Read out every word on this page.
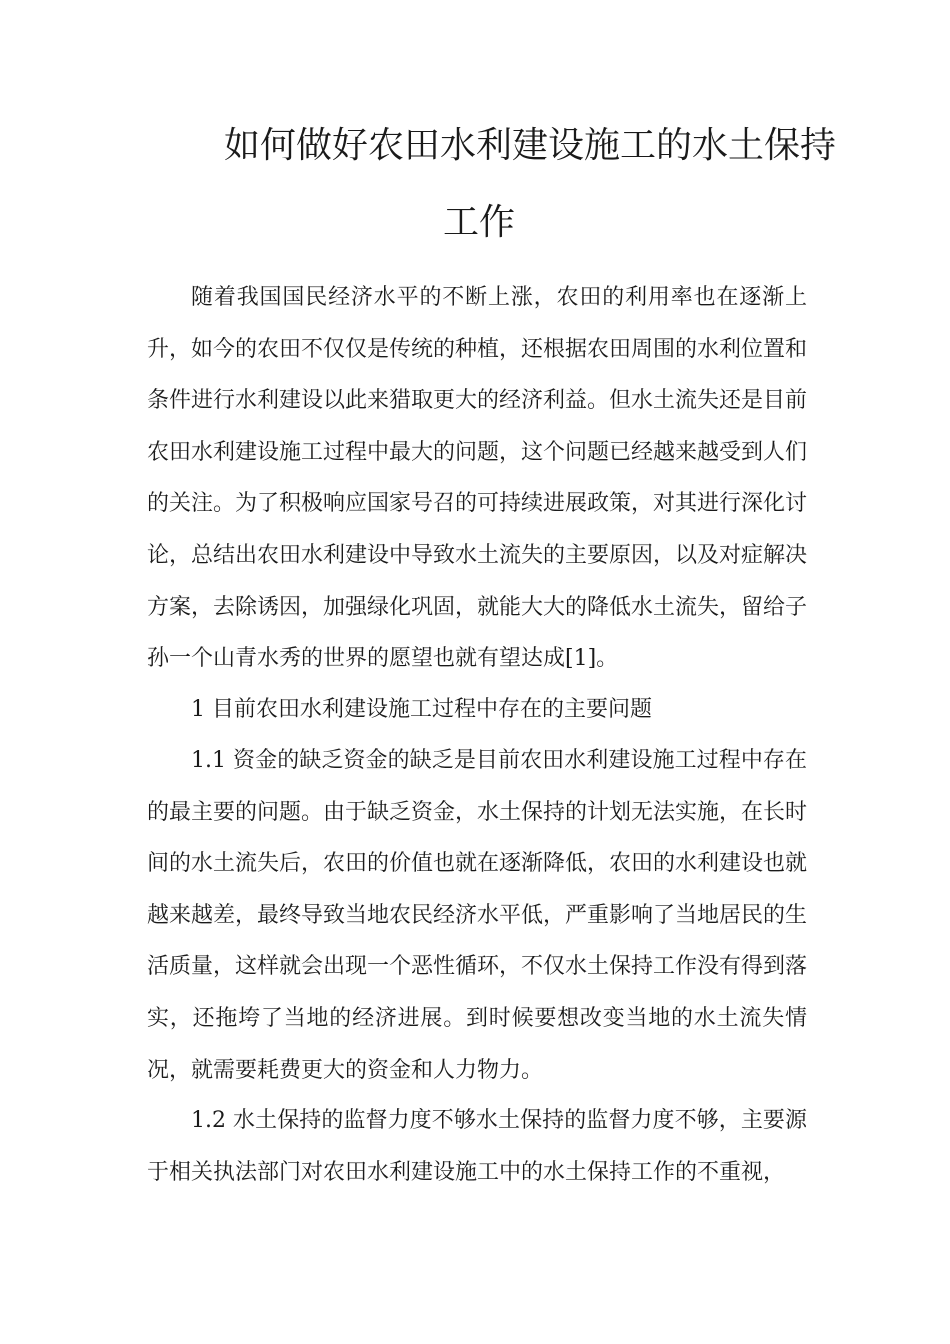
如何做好农田水利建设施工的水土保持
工作

随着我国国民经济水平的不断上涨，农田的利用率也在逐渐上升，如今的农田不仅仅是传统的种植，还根据农田周围的水利位置和条件进行水利建设以此来猎取更大的经济利益。但水土流失还是目前农田水利建设施工过程中最大的问题，这个问题已经越来越受到人们的关注。为了积极响应国家号召的可持续进展政策，对其进行深化讨论，总结出农田水利建设中导致水土流失的主要原因，以及对症解决方案，去除诱因，加强绿化巩固，就能大大的降低水土流失，留给子孙一个山青水秀的世界的愿望也就有望达成[1]。

1 目前农田水利建设施工过程中存在的主要问题

1.1 资金的缺乏资金的缺乏是目前农田水利建设施工过程中存在的最主要的问题。由于缺乏资金，水土保持的计划无法实施，在长时间的水土流失后，农田的价值也就在逐渐降低，农田的水利建设也就越来越差，最终导致当地农民经济水平低，严重影响了当地居民的生活质量，这样就会出现一个恶性循环，不仅水土保持工作没有得到落实，还拖垮了当地的经济进展。到时候要想改变当地的水土流失情况，就需要耗费更大的资金和人力物力。

1.2 水土保持的监督力度不够水土保持的监督力度不够，主要源于相关执法部门对农田水利建设施工中的水土保持工作的不重视，
